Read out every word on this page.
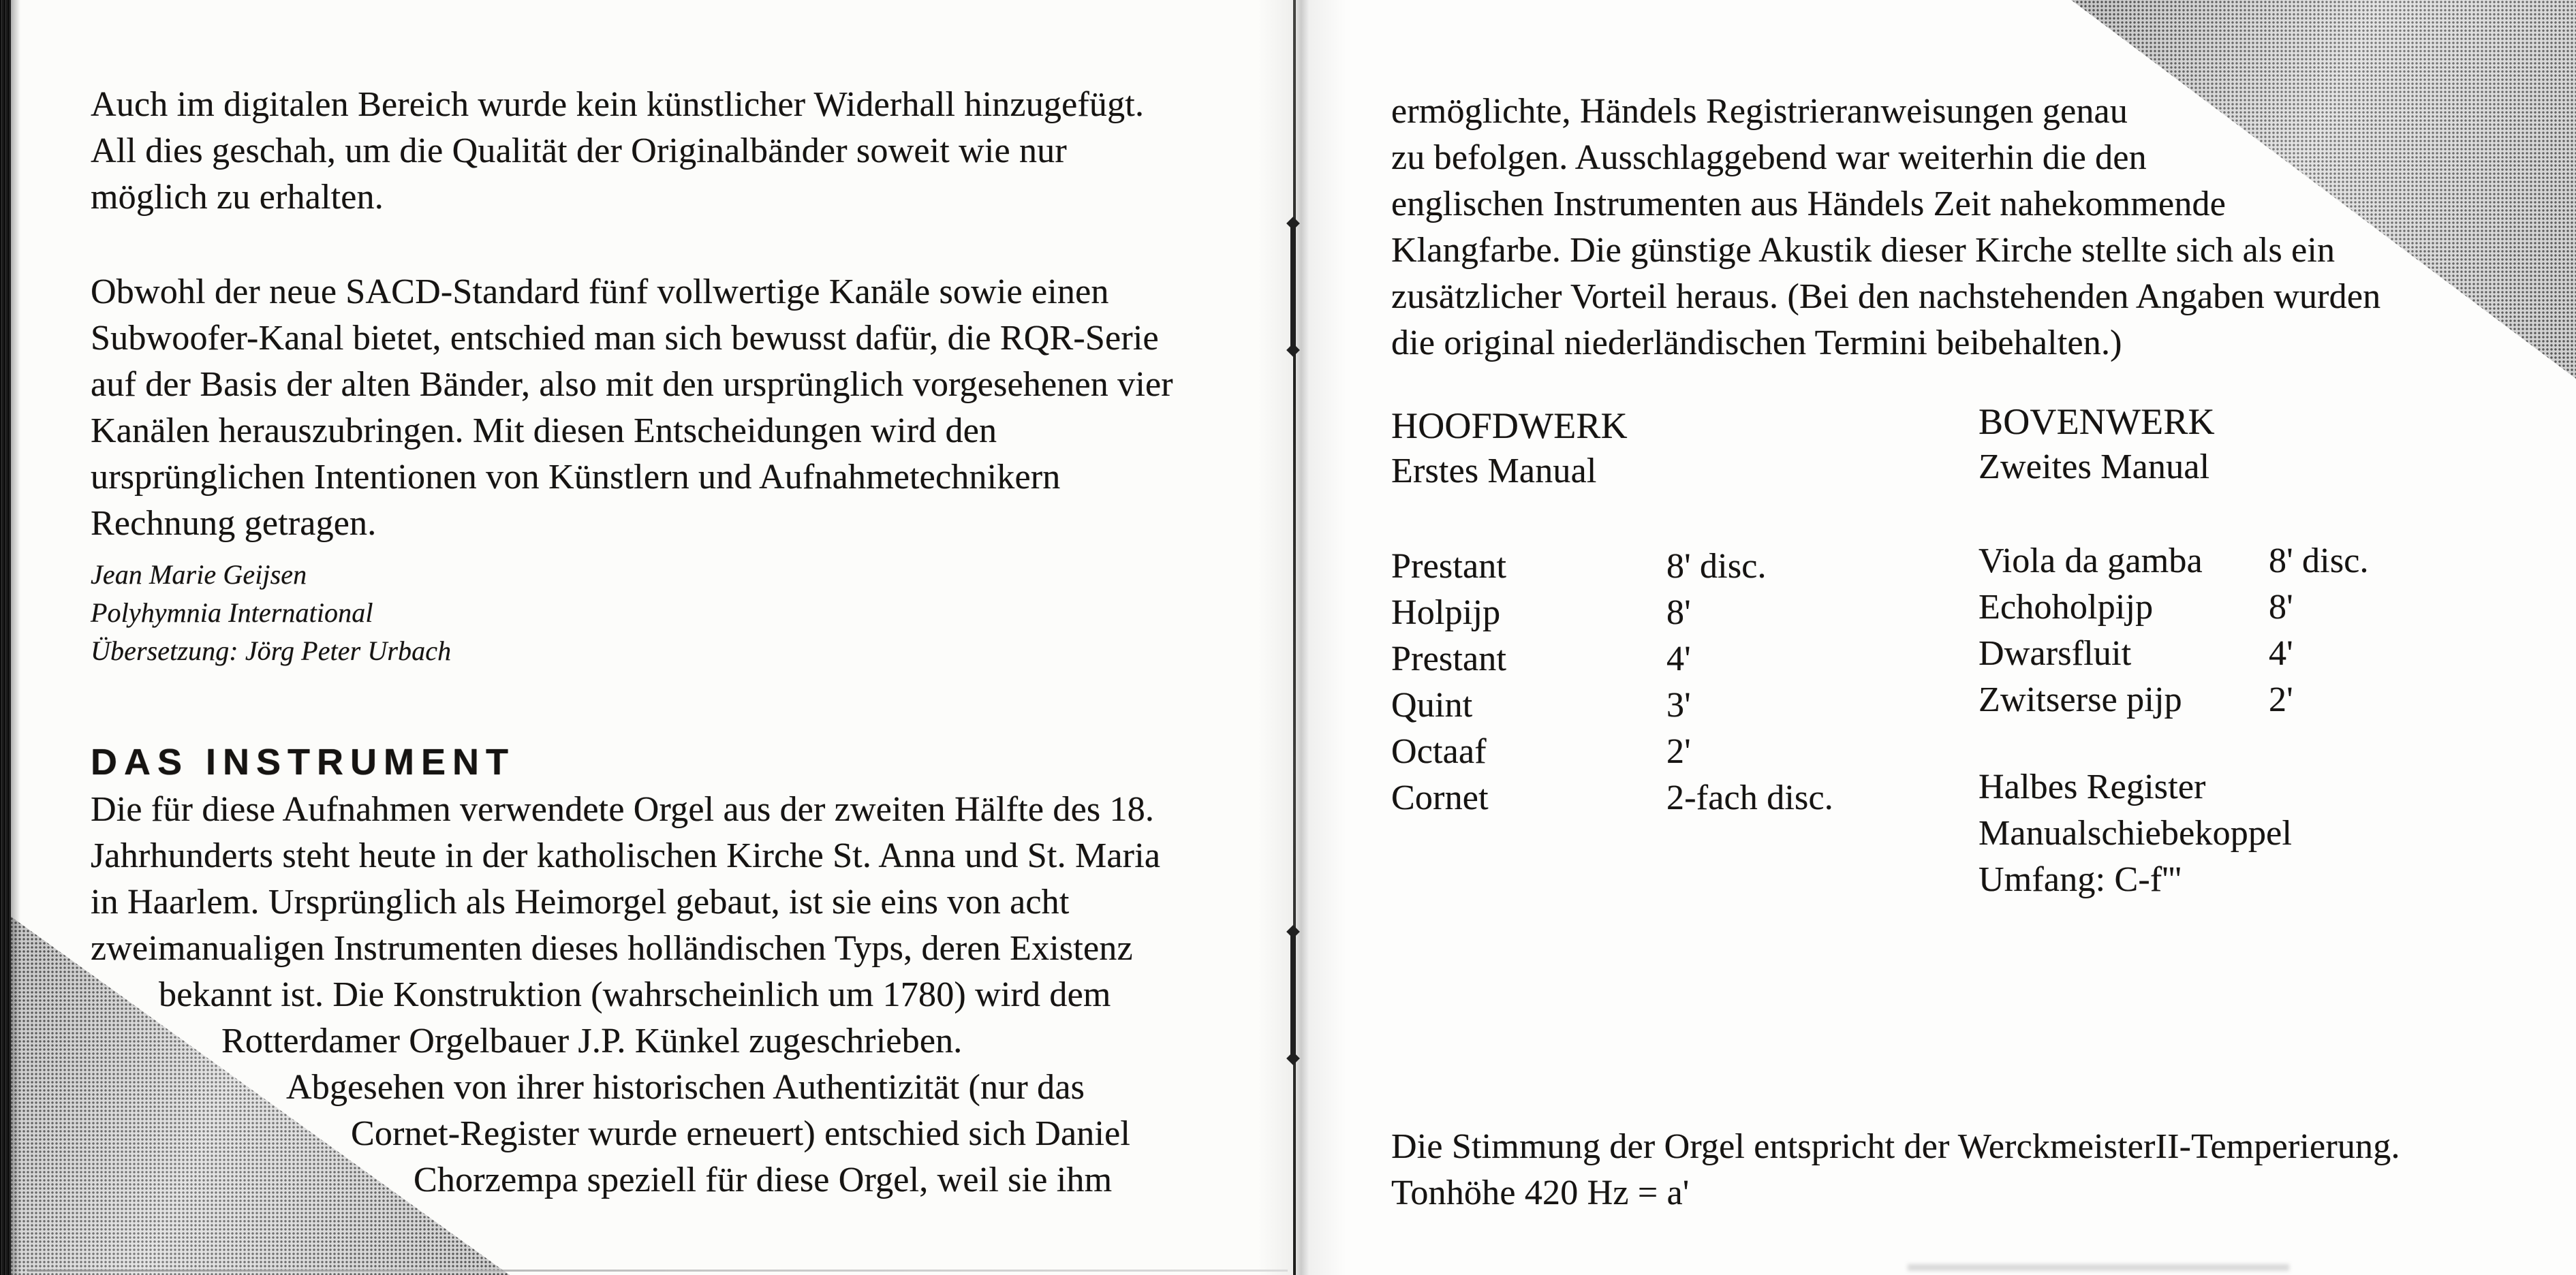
Auch im digitalen Bereich wurde kein künstlicher Widerhall hinzugefügt.
All dies geschah, um die Qualität der Originalbänder soweit wie nur
möglich zu erhalten.
Obwohl der neue SACD-Standard fünf vollwertige Kanäle sowie einen
Subwoofer-Kanal bietet, entschied man sich bewusst dafür, die RQR-Serie
auf der Basis der alten Bänder, also mit den ursprünglich vorgesehenen vier
Kanälen herauszubringen. Mit diesen Entscheidungen wird den
ursprünglichen Intentionen von Künstlern und Aufnahmetechnikern
Rechnung getragen.
Jean Marie Geijsen
Polyhymnia International
Übersetzung: Jörg Peter Urbach
DAS INSTRUMENT
Die für diese Aufnahmen verwendete Orgel aus der zweiten Hälfte des 18.
Jahrhunderts steht heute in der katholischen Kirche St. Anna und St. Maria
in Haarlem. Ursprünglich als Heimorgel gebaut, ist sie eins von acht
zweimanualigen Instrumenten dieses holländischen Typs, deren Existenz
bekannt ist. Die Konstruktion (wahrscheinlich um 1780) wird dem
Rotterdamer Orgelbauer J.P. Künkel zugeschrieben.
Abgesehen von ihrer historischen Authentizität (nur das
Cornet-Register wurde erneuert) entschied sich Daniel
Chorzempa speziell für diese Orgel, weil sie ihm
ermöglichte, Händels Registrieranweisungen genau
zu befolgen. Ausschlaggebend war weiterhin die den
englischen Instrumenten aus Händels Zeit nahekommende
Klangfarbe. Die günstige Akustik dieser Kirche stellte sich als ein
zusätzlicher Vorteil heraus. (Bei den nachstehenden Angaben wurden
die original niederländischen Termini beibehalten.)
HOOFDWERK
Erstes Manual
Prestant	8' disc.
Holpijp	8'
Prestant	4'
Quint	3'
Octaaf	2'
Cornet	2-fach disc.
BOVENWERK
Zweites Manual
Viola da gamba 8' disc.
Echoholpijp	8'
Dwarsfluit	4'
Zwitserse pijp 2'
Halbes Register
Manualschiebekoppel
Umfang: C-f'''
Die Stimmung der Orgel entspricht der WerckmeisterII-Temperierung.
Tonhöhe 420 Hz = a'
